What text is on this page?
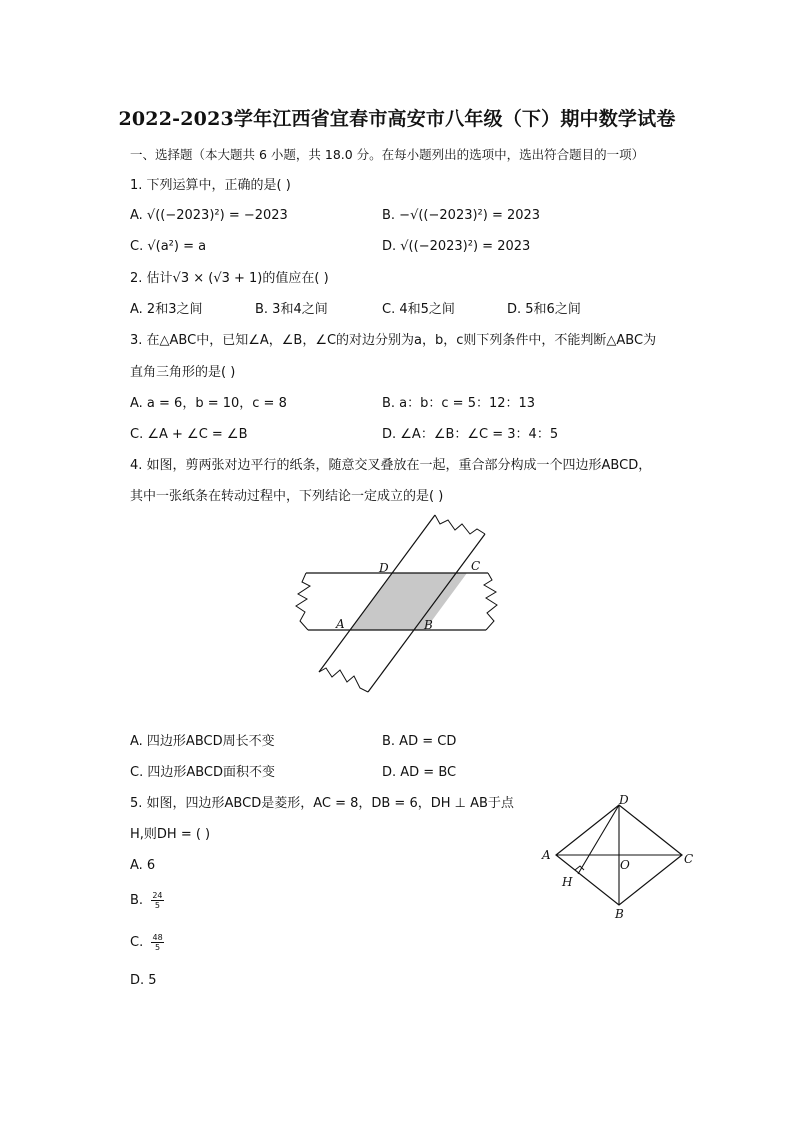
2022-2023学年江西省宜春市高安市八年级（下）期中数学试卷
一、选择题（本大题共 6 小题，共 18.0 分。在每小题列出的选项中，选出符合题目的一项）
1. 下列运算中，正确的是( )
A. √((−2023)²) = −2023	B. −√((−2023)²) = 2023
C. √(a²) = a	D. √((−2023)²) = 2023
2. 估计√3 × (√3 + 1)的值应在( )
A. 2和3之间	B. 3和4之间	C. 4和5之间	D. 5和6之间
3. 在△ABC中，已知∠A，∠B，∠C的对边分别为a，b，c则下列条件中，不能判断△ABC为
直角三角形的是( )
A. a = 6，b = 10，c = 8	B. a：b：c = 5：12：13
C. ∠A + ∠C = ∠B	D. ∠A：∠B：∠C = 3：4：5
4. 如图，剪两张对边平行的纸条，随意交叉叠放在一起，重合部分构成一个四边形ABCD，
其中一张纸条在转动过程中，下列结论一定成立的是( )
A	B
C
D
A. 四边形ABCD周长不变	B. AD = CD
C. 四边形ABCD面积不变	D. AD = BC
5. 如图，四边形ABCD是菱形，AC = 8，DB = 6，DH ⊥ AB于点
H,则DH = ( )
A. 6
B. $\frac{24}{5}$
C. $\frac{48}{5}$
D. 5
A
B
C
D
O
H
